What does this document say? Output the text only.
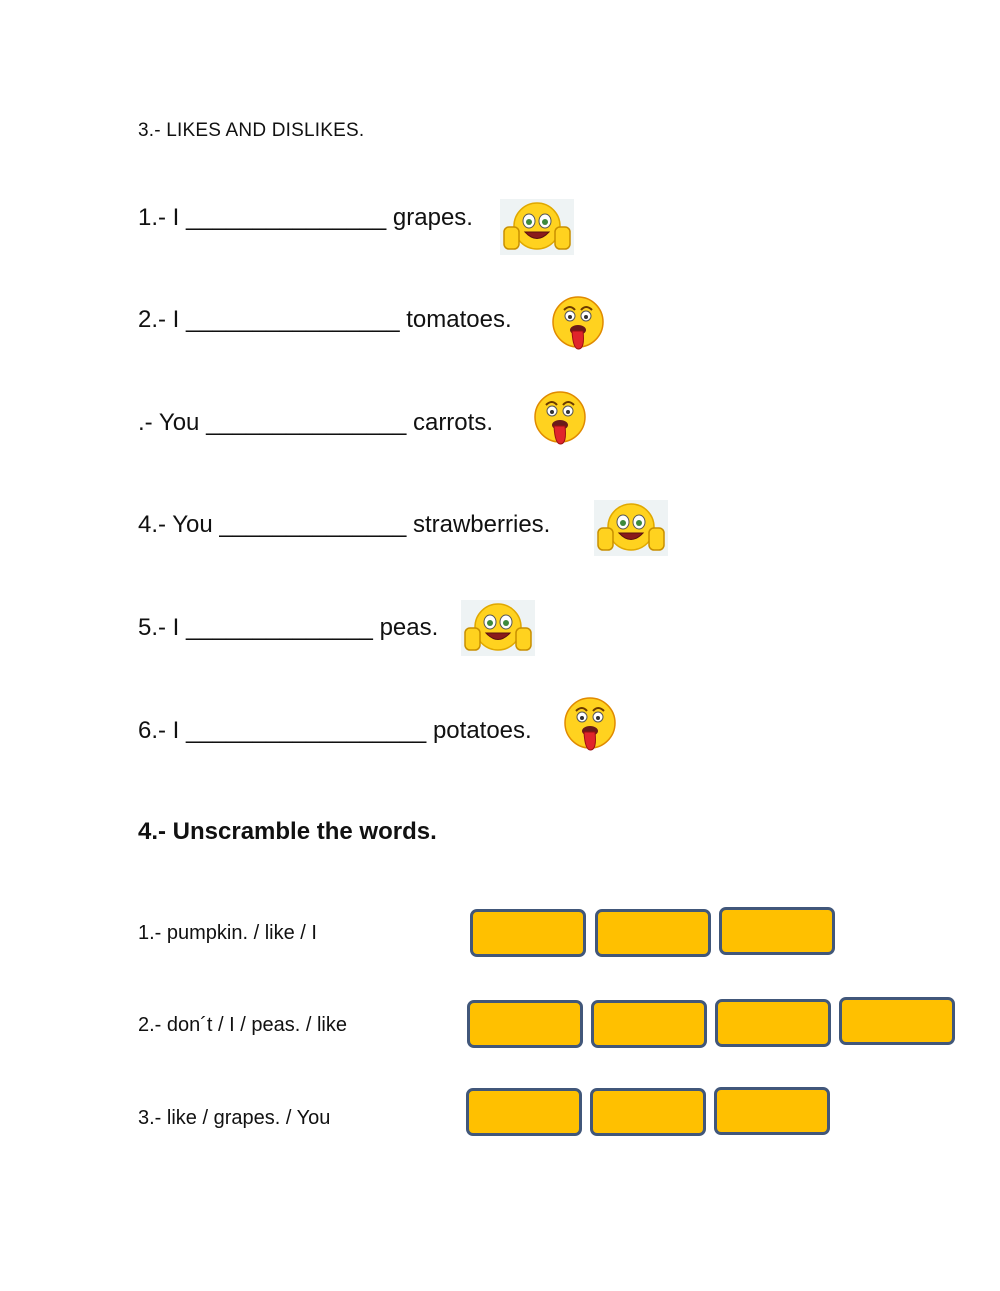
3.- LIKES AND DISLIKES.
1.- I _______________ grapes.
2.- I ________________ tomatoes.
.- You _______________ carrots.
4.- You ______________ strawberries.
5.- I ______________ peas.
6.- I __________________ potatoes.
4.- Unscramble the words.
1.- pumpkin. / like / I
2.- don´t / I / peas. / like
3.- like / grapes. / You
